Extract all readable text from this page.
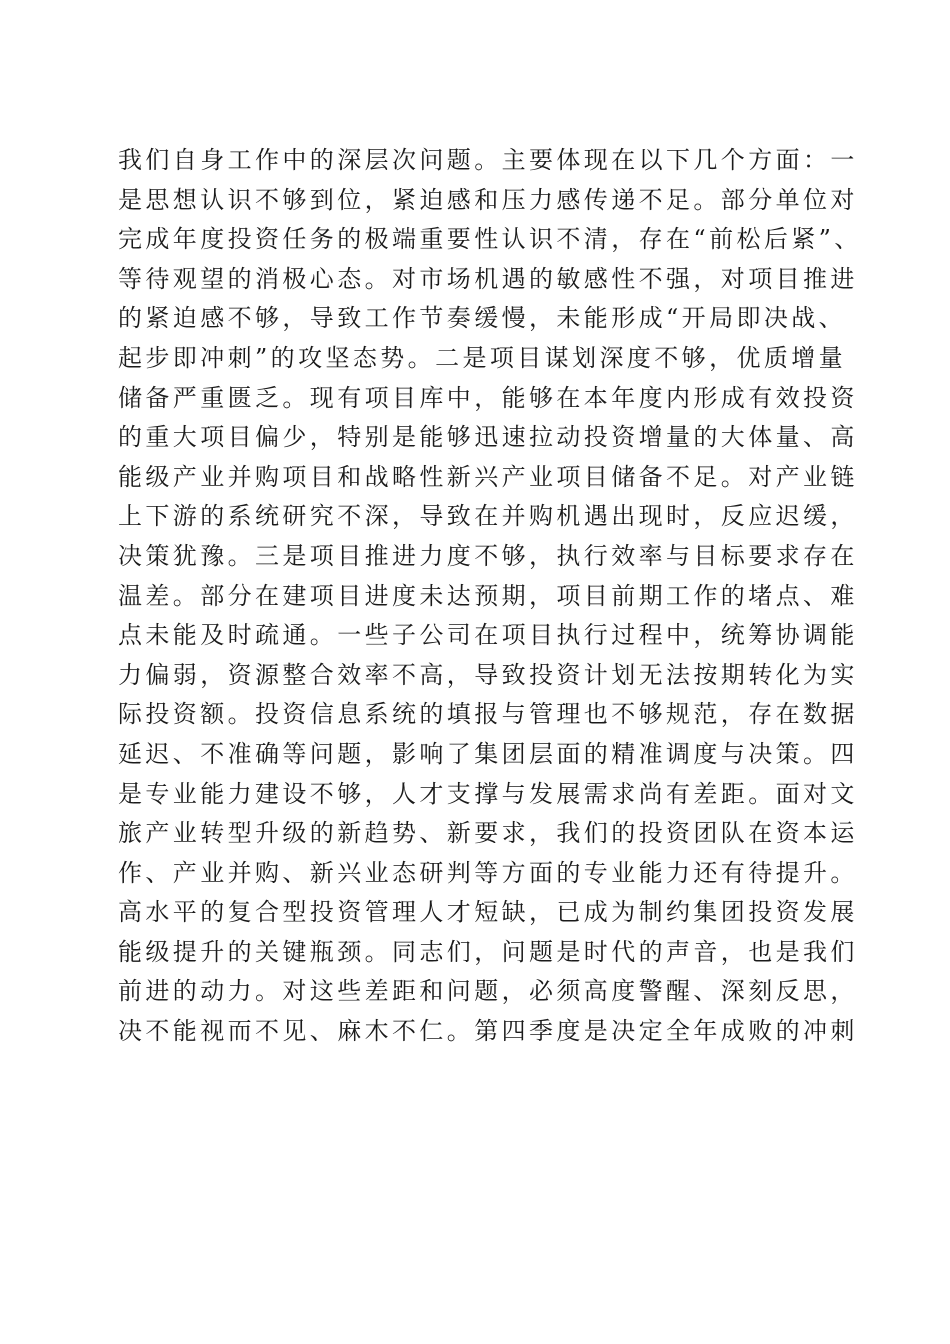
我们自身工作中的深层次问题。主要体现在以下几个方面：一
是思想认识不够到位，紧迫感和压力感传递不足。部分单位对
完成年度投资任务的极端重要性认识不清，存在“前松后紧”、
等待观望的消极心态。对市场机遇的敏感性不强，对项目推进
的紧迫感不够，导致工作节奏缓慢，未能形成“开局即决战、
起步即冲刺”的攻坚态势。二是项目谋划深度不够，优质增量
储备严重匮乏。现有项目库中，能够在本年度内形成有效投资
的重大项目偏少，特别是能够迅速拉动投资增量的大体量、高
能级产业并购项目和战略性新兴产业项目储备不足。对产业链
上下游的系统研究不深，导致在并购机遇出现时，反应迟缓，
决策犹豫。三是项目推进力度不够，执行效率与目标要求存在
温差。部分在建项目进度未达预期，项目前期工作的堵点、难
点未能及时疏通。一些子公司在项目执行过程中，统筹协调能
力偏弱，资源整合效率不高，导致投资计划无法按期转化为实
际投资额。投资信息系统的填报与管理也不够规范，存在数据
延迟、不准确等问题，影响了集团层面的精准调度与决策。四
是专业能力建设不够，人才支撑与发展需求尚有差距。面对文
旅产业转型升级的新趋势、新要求，我们的投资团队在资本运
作、产业并购、新兴业态研判等方面的专业能力还有待提升。
高水平的复合型投资管理人才短缺，已成为制约集团投资发展
能级提升的关键瓶颈。同志们，问题是时代的声音，也是我们
前进的动力。对这些差距和问题，必须高度警醒、深刻反思，
决不能视而不见、麻木不仁。第四季度是决定全年成败的冲刺
